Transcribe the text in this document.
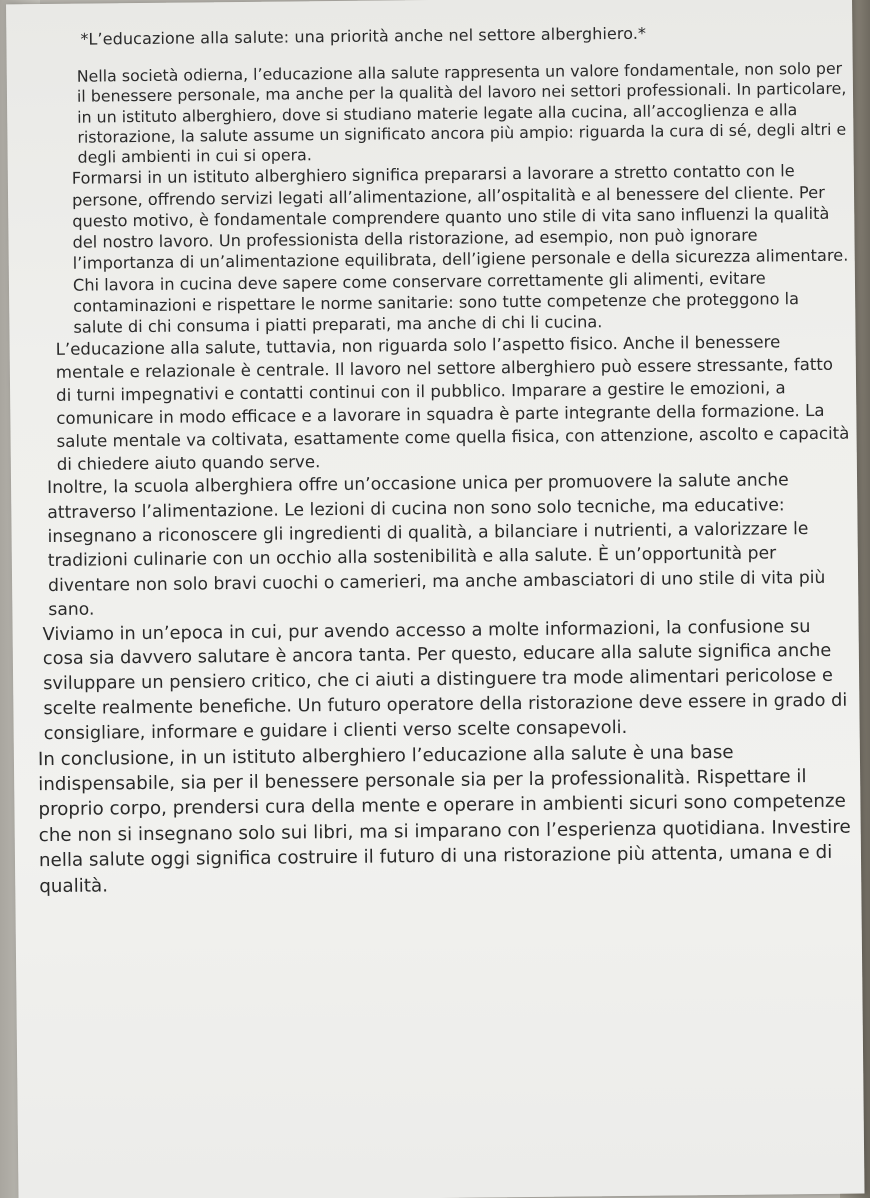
*L’educazione alla salute: una priorità anche nel settore alberghiero.*

Nella società odierna, l’educazione alla salute rappresenta un valore fondamentale, non solo per il benessere personale, ma anche per la qualità del lavoro nei settori professionali. In particolare, in un istituto alberghiero, dove si studiano materie legate alla cucina, all’accoglienza e alla ristorazione, la salute assume un significato ancora più ampio: riguarda la cura di sé, degli altri e degli ambienti in cui si opera.

Formarsi in un istituto alberghiero significa prepararsi a lavorare a stretto contatto con le persone, offrendo servizi legati all’alimentazione, all’ospitalità e al benessere del cliente. Per questo motivo, è fondamentale comprendere quanto uno stile di vita sano influenzi la qualità del nostro lavoro. Un professionista della ristorazione, ad esempio, non può ignorare l’importanza di un’alimentazione equilibrata, dell’igiene personale e della sicurezza alimentare. Chi lavora in cucina deve sapere come conservare correttamente gli alimenti, evitare contaminazioni e rispettare le norme sanitarie: sono tutte competenze che proteggono la salute di chi consuma i piatti preparati, ma anche di chi li cucina.

L’educazione alla salute, tuttavia, non riguarda solo l’aspetto fisico. Anche il benessere mentale e relazionale è centrale. Il lavoro nel settore alberghiero può essere stressante, fatto di turni impegnativi e contatti continui con il pubblico. Imparare a gestire le emozioni, a comunicare in modo efficace e a lavorare in squadra è parte integrante della formazione. La salute mentale va coltivata, esattamente come quella fisica, con attenzione, ascolto e capacità di chiedere aiuto quando serve.

Inoltre, la scuola alberghiera offre un’occasione unica per promuovere la salute anche attraverso l’alimentazione. Le lezioni di cucina non sono solo tecniche, ma educative: insegnano a riconoscere gli ingredienti di qualità, a bilanciare i nutrienti, a valorizzare le tradizioni culinarie con un occhio alla sostenibilità e alla salute. È un’opportunità per diventare non solo bravi cuochi o camerieri, ma anche ambasciatori di uno stile di vita più sano.

Viviamo in un’epoca in cui, pur avendo accesso a molte informazioni, la confusione su cosa sia davvero salutare è ancora tanta. Per questo, educare alla salute significa anche sviluppare un pensiero critico, che ci aiuti a distinguere tra mode alimentari pericolose e scelte realmente benefiche. Un futuro operatore della ristorazione deve essere in grado di consigliare, informare e guidare i clienti verso scelte consapevoli.

In conclusione, in un istituto alberghiero l’educazione alla salute è una base indispensabile, sia per il benessere personale sia per la professionalità. Rispettare il proprio corpo, prendersi cura della mente e operare in ambienti sicuri sono competenze che non si insegnano solo sui libri, ma si imparano con l’esperienza quotidiana. Investire nella salute oggi significa costruire il futuro di una ristorazione più attenta, umana e di qualità.
